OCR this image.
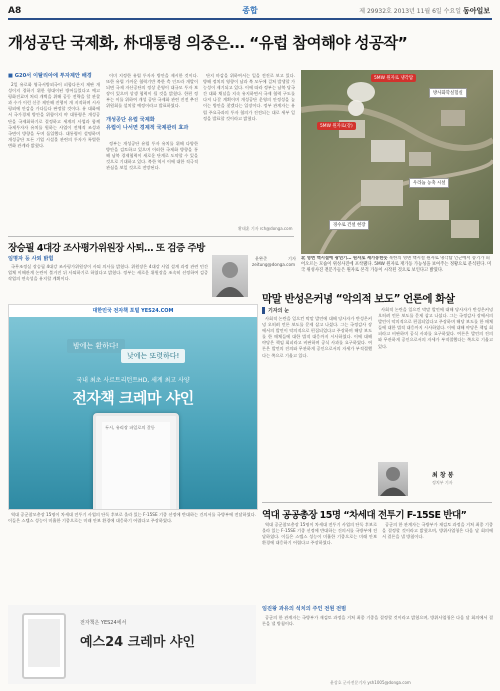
A8	종합	제 29932호 2013년 11월 6일 수요일 동아일보
개성공단 국제화, 朴대통령 의중은… “유럽 참여해야 성공작”
■ G20서 이탈리아에 투자제안 배경

2일 유로화 영국서방외국이 피합다른지 제판 개성이지 경하기 위한 형대이된 방어들었다고 예고 평화진료며 처리 개벽을 위해 공동 전략을 할 관찰과 수가 이런 신중 제안해 진행이 개 지적하며 시사 평외에 안감을 가다듬다 판정할 것이다. 유 대화에서 국가경제 방안을 위함이지 야 대통령은 개성공단을 국제화하기로 결정하고 세계의 사업과 함께 국제투자자 유치를 원하는 사업이 전체적 조성과 국면이 방향을 두며 돌입했다. 대통령이 설명하며 개성공단 모든 기업 시설물 관련의 투자가 특별한 변화 관계라 밝혔다.

이미 지정한 유럽 투자자 방안을 제시한 것이다. 또한 유럽 가까운 협력기반 북한 측 인프라 개발이 되면 국제 자산공단의 정상 운영이 대규모 투자 보장이 있으며 상생 협력이 될 것을 밝혔다. 한편 정부는 이를 위하여 개성 공단 국제화 관련 진전 추진 위원회를 설치할 예정이라고 발표하였다.

개성공단 유럽 국제화
유럽이 나서면 경제적 국제관리 효과

정부는 개성공단 유럽 투자 유치를 위해 다양한 방안을 검토하고 있으며 이러한 국제화 방향을 통해 남북 경제협력이 새로운 단계로 도약할 수 있을 것으로 기대하고 있다. 북한 역시 이에 대한 적극적 관심을 보일 것으로 전망된다.

단지 마감을 위하여서는 일을 전진로 보고 있다. 방해 정치의 영향이 남과 북 모두에 걸쳐 발생할 가능성이 제기되고 있다. 이에 따라 정부는 남북 당국 간 대화 채널을 지속 유지하면서 국제 협력 구도를 다져 나갈 계획이며 개성공단 운영의 안정성을 높이는 방안을 찾겠다는 입장이다. 정부 관계자는 유럽 주요국과의 투자 협의가 진전되는 대로 세부 일정을 발표할 것이라고 밝혔다.

황태훈 기자 rch@donga.com
5MW 원자로 냉각탑
5MW 원자로(강)
방사화학실험실
우라늄 농축 시설
경수로 건설 현장
北 영변 핵시설에 광연기… 원자로 재가동한듯 북한의 영변 핵시설 원자로 냉각탑 인근에서 증기가 피어오르는 모습이 위성사진에 포착됐다. 5MW 원자로 재가동 가능성을 보여주는 정황으로 분석된다. 미국 위성사진 전문가들은 원자로 본격 가동이 시작된 것으로 보인다고 밝혔다.
장승필 4대강 조사평가위원장 사퇴… 또 검증 주방
임명자 등 사퇴 밝힘

국무조정실 장승필 4대강 조사평가위원장이 사퇴 의사를 밝혔다. 위원장은 4대강 사업 설계 과정 관련 민간업체 이해관계 논란이 불거진 뒤 사퇴하기로 하였다고 밝혔다. 정부는 새로운 위원장을 조속히 선정하여 검증 작업의 연속성을 유지할 계획이다.

윤완준 기자 zeitung@donga.com

대한민국 전자책 포털 YES24.COM
밤에는 환하다!
낮에는 또렷하다!
국내 최초 사르트리턴트HD, 세계 최고 사양
전자책 크레마 샤인
두시, 유리장 파일로의 갈등
막말 반성은커녕 “악의적 보도” 언론에 화살
기자의 눈

사회적 논란을 일으킨 막말 발언에 대해 당사자가 반성은커녕 오히려 언론 보도를 문제 삼고 나섰다. 그는 국정감사 장에서의 발언이 악의적으로 편집되었다고 주장하며 해당 보도를 한 매체들에 대한 법적 대응까지 시사하였다. 이에 대해 야당은 책임 회피라고 비판하며 공식 사과를 요구하였다. 여론은 발언의 진의와 무관하게 공인으로서의 자세가 부적절했다는 쪽으로 기울고 있다.

사회적 논란을 일으킨 막말 발언에 대해 당사자가 반성은커녕 오히려 언론 보도를 문제 삼고 나섰다. 그는 국정감사 장에서의 발언이 악의적으로 편집되었다고 주장하며 해당 보도를 한 매체들에 대한 법적 대응까지 시사하였다. 이에 대해 야당은 책임 회피라고 비판하며 공식 사과를 요구하였다. 여론은 발언의 진의와 무관하게 공인으로서의 자세가 부적절했다는 쪽으로 기울고 있다.

최 창 봉
정치부 기자
역대 공공총장 15명 “차세대 전투기 F-15SE 반대”

역대 공군참모총장 15명이 차세대 전투기 사업의 단독 후보로 올라 있는 F-15SE 기종 선정에 반대하는 건의서를 국방부에 전달하였다. 이들은 스텔스 성능이 미흡한 기종으로는 미래 안보 환경에 대응하기 어렵다고 주장하였다.

공군의 한 관계자는 국방부가 재검토 과정을 거쳐 최종 기종을 결정할 것이라고 밝혔으며, 방위사업청은 다음 달 회의에서 결론을 낼 방침이다.

임진왕 과유의 석치의 주인 전원 전범

공군의 한 관계자는 국방부가 재검토 과정을 거쳐 최종 기종을 결정할 것이라고 밝혔으며, 방위사업청은 다음 달 회의에서 결론을 낼 방침이다.

윤상호 군사전문기자 ysh1005@donga.com
전자책은 YES24에서
예스24 크레마 샤인

역대 공군참모총장 15명이 차세대 전투기 사업의 단독 후보로 올라 있는 F-15SE 기종 선정에 반대하는 건의서를 국방부에 전달하였다. 이들은 스텔스 성능이 미흡한 기종으로는 미래 안보 환경에 대응하기 어렵다고 주장하였다.
